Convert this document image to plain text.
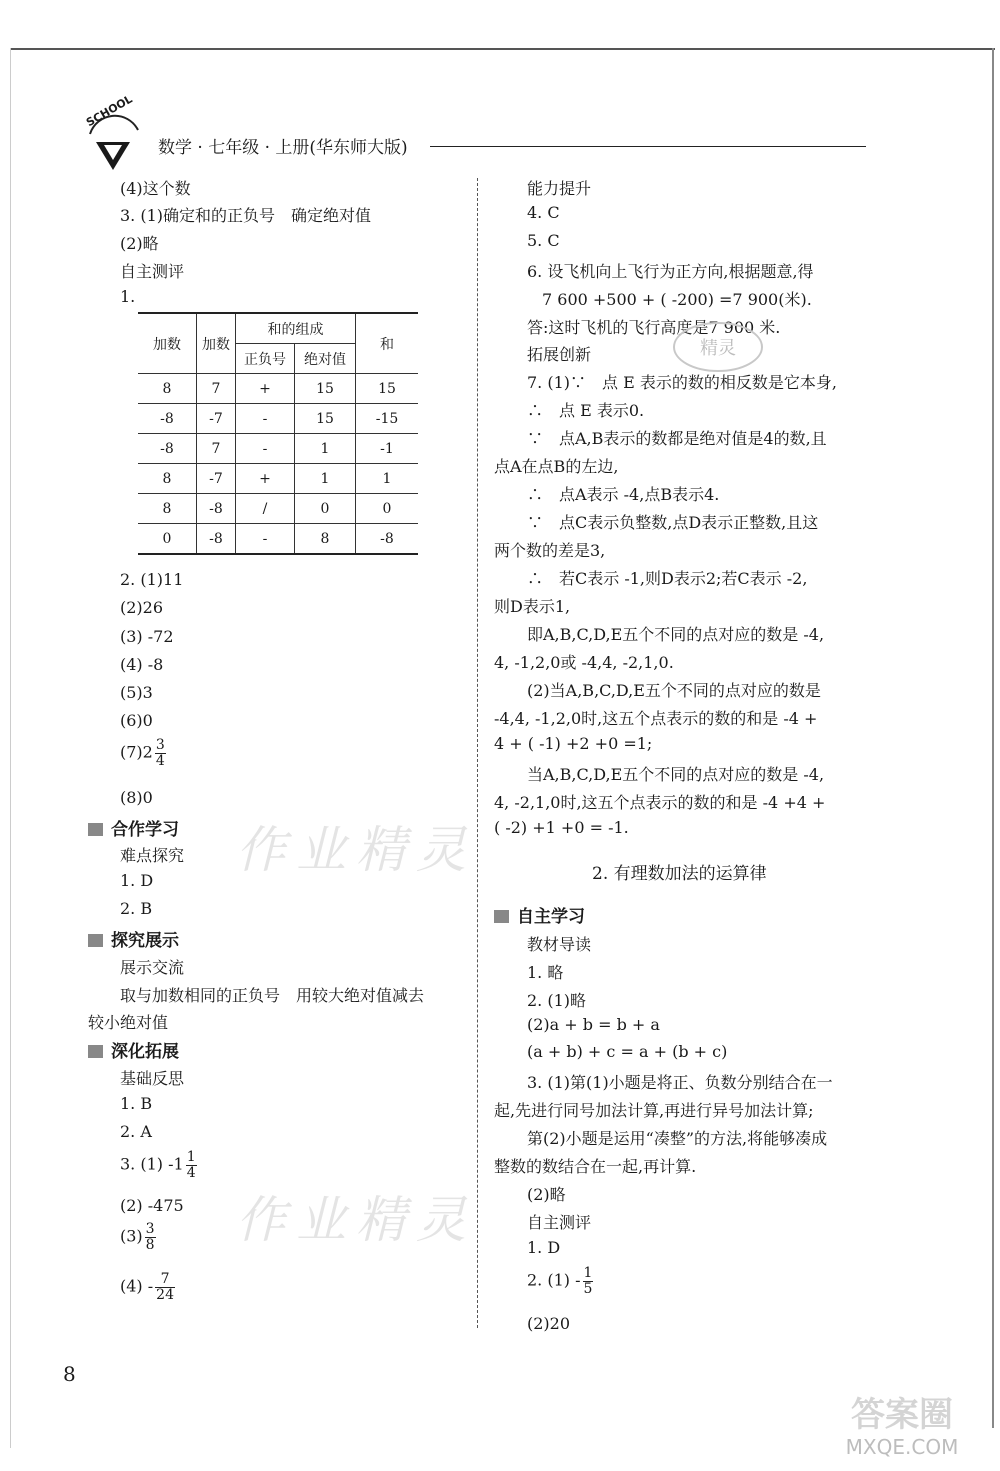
SCHOOL
数学 · 七年级 · 上册(华东师大版)
作业精灵
作业精灵
(4)这个数
3. (1)确定和的正负号　确定绝对值
(2)略
自主测评
1.
加数	加数	和的组成		和
		正负号	绝对值	
8	7	+	15	15
-8	-7	-	15	-15
-8	7	-	1	-1
8	-7	+	1	1
8	-8	/	0	0
0	-8	-	8	-8
2. (1)11
(2)26
(3) -72
(4) -8
(5)3
(6)0
$(7)2 \frac{3}{4}$
(8)0
合作学习
难点探究
1. D
2. B
探究展示
展示交流
取与加数相同的正负号　用较大绝对值减去
较小绝对值
深化拓展
基础反思
1. B
2. A
3. (1) $-1 \frac{1}{4}$
(2) -475
$(3) \frac{3}{8}$
$(4) - \frac{7}{24}$
能力提升
4. C
5. C
6. 设飞机向上飞行为正方向,根据题意,得
7 600 +500 + ( -200) =7 900(米).
答:这时飞机的飞行高度是7 900 米.
拓展创新	精灵
7. (1)∵　点 E 表示的数的相反数是它本身,
∴　点 E 表示0.
∵　点A,B表示的数都是绝对值是4的数,且
点A在点B的左边,
∴　点A表示 -4,点B表示4.
∵　点C表示负整数,点D表示正整数,且这
两个数的差是3,
∴　若C表示 -1,则D表示2;若C表示 -2,
则D表示1,
即A,B,C,D,E五个不同的点对应的数是 -4,
4, -1,2,0或 -4,4, -2,1,0.
(2)当A,B,C,D,E五个不同的点对应的数是
-4,4, -1,2,0时,这五个点表示的数的和是 -4 +
4 + ( -1) +2 +0 =1;
当A,B,C,D,E五个不同的点对应的数是 -4,
4, -2,1,0时,这五个点表示的数的和是 -4 +4 +
( -2) +1 +0 = -1.
2. 有理数加法的运算律
自主学习
教材导读
1. 略
2. (1)略
(2)a + b = b + a
(a + b) + c = a + (b + c)
3. (1)第(1)小题是将正、负数分别结合在一
起,先进行同号加法计算,再进行异号加法计算;
第(2)小题是运用“凑整”的方法,将能够凑成
整数的数结合在一起,再计算.
(2)略
自主测评
1. D
2. $(1) - \frac{1}{5}$
(2)20
8
答案圈
MXQE.COM
